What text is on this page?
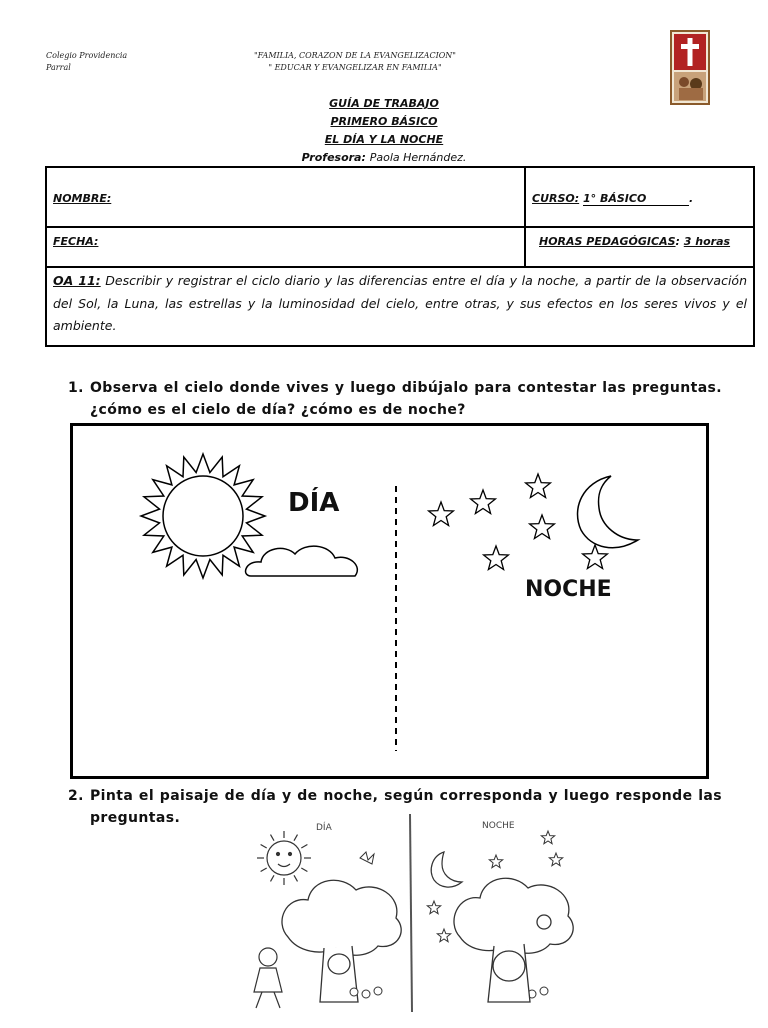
Colegio Providencia
Parral
"FAMILIA, CORAZON DE LA EVANGELIZACION"
" EDUCAR Y EVANGELIZAR EN FAMILIA"
GUÍA DE TRABAJO
PRIMERO BÁSICO
EL DÍA Y LA NOCHE
Profesora: Paola Hernández.
NOMBRE:	CURSO: 1° BÁSICO	.
FECHA:	HORAS PEDAGÓGICAS: 3 horas
OA 11: Describir y registrar el ciclo diario y las diferencias entre el día y la noche, a partir de la observación del Sol, la Luna, las estrellas y la luminosidad del cielo, entre otras, y sus efectos en los seres vivos y el ambiente.
1. Observa el cielo donde vives y luego dibújalo para contestar las preguntas. ¿cómo es el cielo de día? ¿cómo es de noche?
DÍA
NOCHE
2. Pinta el paisaje de día y de noche, según corresponda y luego responde las preguntas.
DÍA	NOCHE
